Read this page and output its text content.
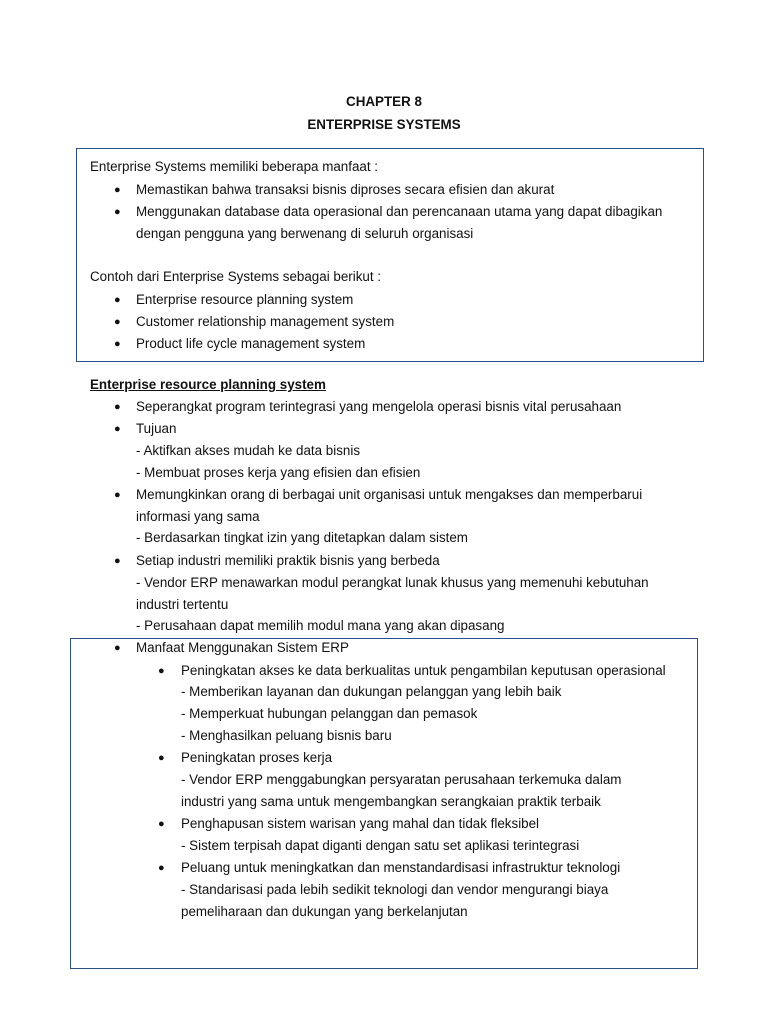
CHAPTER 8
ENTERPRISE SYSTEMS
Enterprise Systems memiliki beberapa manfaat :
● Memastikan bahwa transaksi bisnis diproses secara efisien dan akurat
● Menggunakan database data operasional dan perencanaan utama yang dapat dibagikan
dengan pengguna yang berwenang di seluruh organisasi
Contoh dari Enterprise Systems sebagai berikut :
● Enterprise resource planning system
● Customer relationship management system
● Product life cycle management system
Enterprise resource planning system
● Seperangkat program terintegrasi yang mengelola operasi bisnis vital perusahaan
● Tujuan
- Aktifkan akses mudah ke data bisnis
- Membuat proses kerja yang efisien dan efisien
● Memungkinkan orang di berbagai unit organisasi untuk mengakses dan memperbarui
informasi yang sama
- Berdasarkan tingkat izin yang ditetapkan dalam sistem
● Setiap industri memiliki praktik bisnis yang berbeda
- Vendor ERP menawarkan modul perangkat lunak khusus yang memenuhi kebutuhan
industri tertentu
- Perusahaan dapat memilih modul mana yang akan dipasang
● Manfaat Menggunakan Sistem ERP
● Peningkatan akses ke data berkualitas untuk pengambilan keputusan operasional
- Memberikan layanan dan dukungan pelanggan yang lebih baik
- Memperkuat hubungan pelanggan dan pemasok
- Menghasilkan peluang bisnis baru
● Peningkatan proses kerja
- Vendor ERP menggabungkan persyaratan perusahaan terkemuka dalam
industri yang sama untuk mengembangkan serangkaian praktik terbaik
● Penghapusan sistem warisan yang mahal dan tidak fleksibel
- Sistem terpisah dapat diganti dengan satu set aplikasi terintegrasi
● Peluang untuk meningkatkan dan menstandardisasi infrastruktur teknologi
- Standarisasi pada lebih sedikit teknologi dan vendor mengurangi biaya
pemeliharaan dan dukungan yang berkelanjutan
